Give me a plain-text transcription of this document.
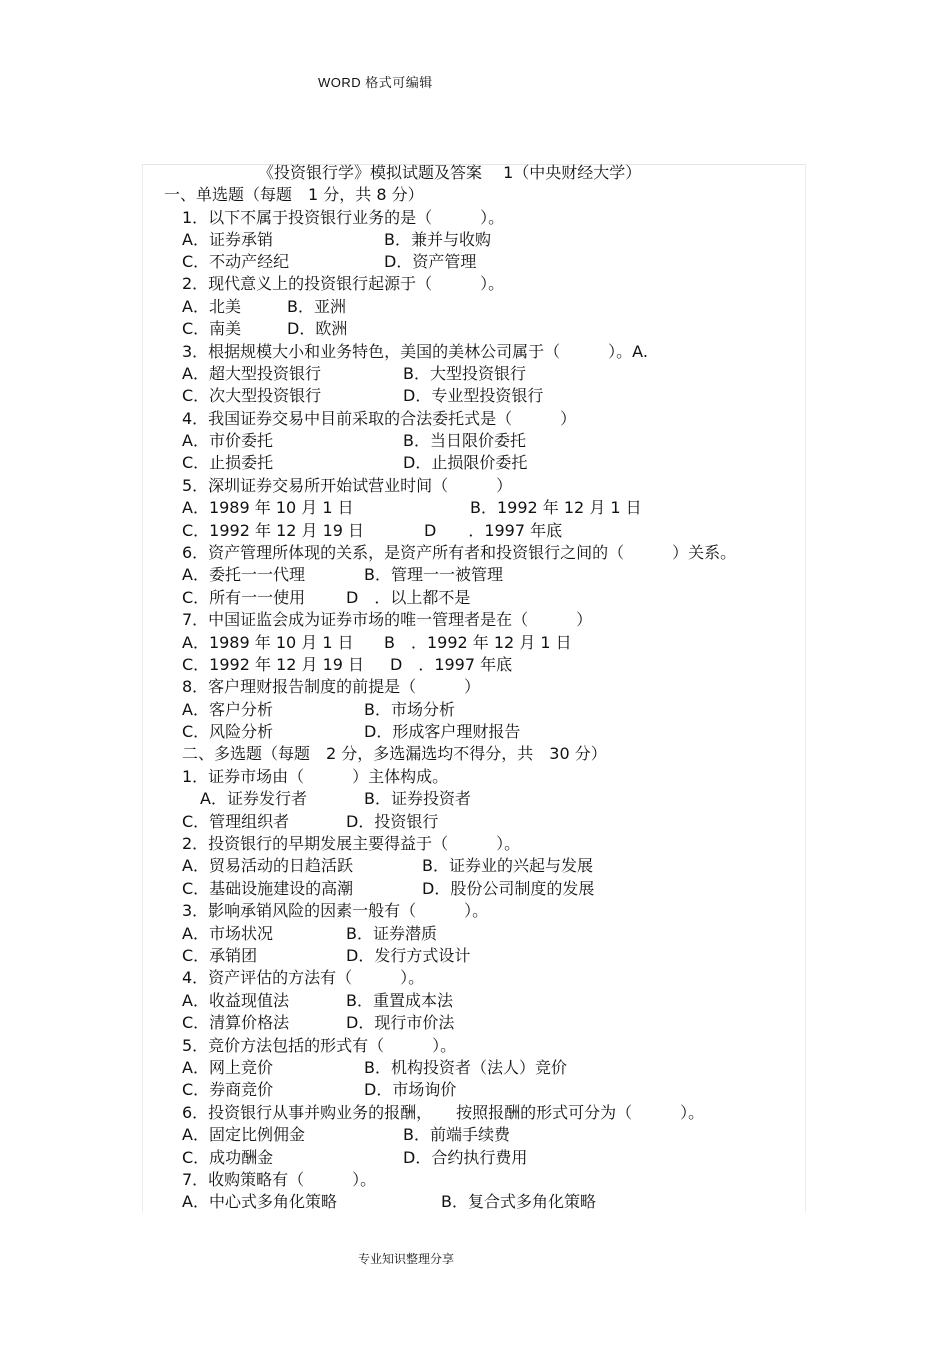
WORD 格式可编辑
《投资银行学》模拟试题及答案　 1（中央财经大学）
一、单选题（每题　1 分，共 8 分）
1．以下不属于投资银行业务的是（　　　）。
A．证券承销	B．兼并与收购
C．不动产经纪	D．资产管理
2．现代意义上的投资银行起源于（　　　）。
A．北美	B．亚洲
C．南美	D．欧洲
3．根据规模大小和业务特色，美国的美林公司属于（　　　）。A.
A．超大型投资银行	B．大型投资银行
C．次大型投资银行	D．专业型投资银行
4．我国证券交易中目前采取的合法委托式是（　　　）
A．市价委托	B．当日限价委托
C．止损委托	D．止损限价委托
5．深圳证券交易所开始试营业时间（　　　）
A．1989 年 10 月 1 日	B．1992 年 12 月 1 日
C．1992 年 12 月 19 日	D　　．1997 年底
6．资产管理所体现的关系，是资产所有者和投资银行之间的（　　　）关系。
A．委托一一代理	B．管理一一被管理
C．所有一一使用	D　．以上都不是
7．中国证监会成为证券市场的唯一管理者是在（　　　）
A．1989 年 10 月 1 日 B　．1992 年 12 月 1 日
C．1992 年 12 月 19 日 D　．1997 年底
8．客户理财报告制度的前提是（　　　）
A．客户分析	B．市场分析
C．风险分析	D．形成客户理财报告
二、多选题（每题　2 分，多选漏选均不得分，共　30 分）
1．证券市场由（　　　）主体构成。
A．证券发行者	B．证券投资者
C．管理组织者	D．投资银行
2．投资银行的早期发展主要得益于（　　　）。
A．贸易活动的日趋活跃	B．证券业的兴起与发展
C．基础设施建设的高潮	D．股份公司制度的发展
3．影响承销风险的因素一般有（　　　）。
A．市场状况	B．证券潜质
C．承销团	D．发行方式设计
4．资产评估的方法有（　　　）。
A．收益现值法	B．重置成本法
C．清算价格法	D．现行市价法
5．竞价方法包括的形式有（　　　）。
A．网上竞价	B．机构投资者（法人）竞价
C．券商竞价	D．市场询价
6．投资银行从事并购业务的报酬，　　按照报酬的形式可分为（　　　）。
A．固定比例佣金	B．前端手续费
C．成功酬金	D．合约执行费用
7．收购策略有（　　　）。
A．中心式多角化策略	B．复合式多角化策略
专业知识整理分享
